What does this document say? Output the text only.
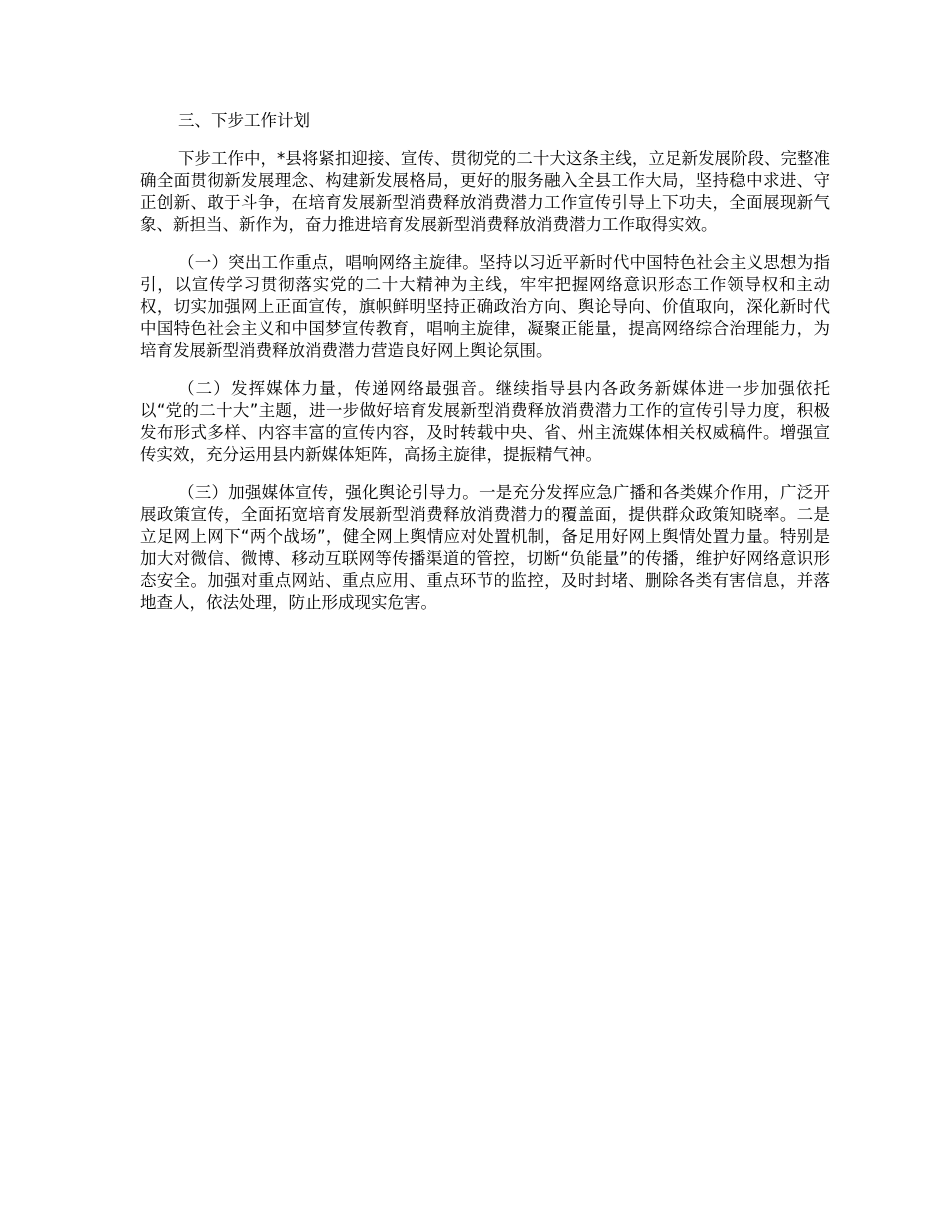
三、下步工作计划

下步工作中，*县将紧扣迎接、宣传、贯彻党的二十大这条主线，立足新发展阶段、完整准确全面贯彻新发展理念、构建新发展格局，更好的服务融入全县工作大局，坚持稳中求进、守正创新、敢于斗争，在培育发展新型消费释放消费潜力工作宣传引导上下功夫，全面展现新气象、新担当、新作为，奋力推进培育发展新型消费释放消费潜力工作取得实效。

（一）突出工作重点，唱响网络主旋律。坚持以习近平新时代中国特色社会主义思想为指引，以宣传学习贯彻落实党的二十大精神为主线，牢牢把握网络意识形态工作领导权和主动权，切实加强网上正面宣传，旗帜鲜明坚持正确政治方向、舆论导向、价值取向，深化新时代中国特色社会主义和中国梦宣传教育，唱响主旋律，凝聚正能量，提高网络综合治理能力，为培育发展新型消费释放消费潜力营造良好网上舆论氛围。

（二）发挥媒体力量，传递网络最强音。继续指导县内各政务新媒体进一步加强依托以“党的二十大”主题，进一步做好培育发展新型消费释放消费潜力工作的宣传引导力度，积极发布形式多样、内容丰富的宣传内容，及时转载中央、省、州主流媒体相关权威稿件。增强宣传实效，充分运用县内新媒体矩阵，高扬主旋律，提振精气神。

（三）加强媒体宣传，强化舆论引导力。一是充分发挥应急广播和各类媒介作用，广泛开展政策宣传，全面拓宽培育发展新型消费释放消费潜力的覆盖面，提供群众政策知晓率。二是立足网上网下“两个战场”，健全网上舆情应对处置机制，备足用好网上舆情处置力量。特别是加大对微信、微博、移动互联网等传播渠道的管控，切断“负能量”的传播，维护好网络意识形态安全。加强对重点网站、重点应用、重点环节的监控，及时封堵、删除各类有害信息，并落地查人，依法处理，防止形成现实危害。
